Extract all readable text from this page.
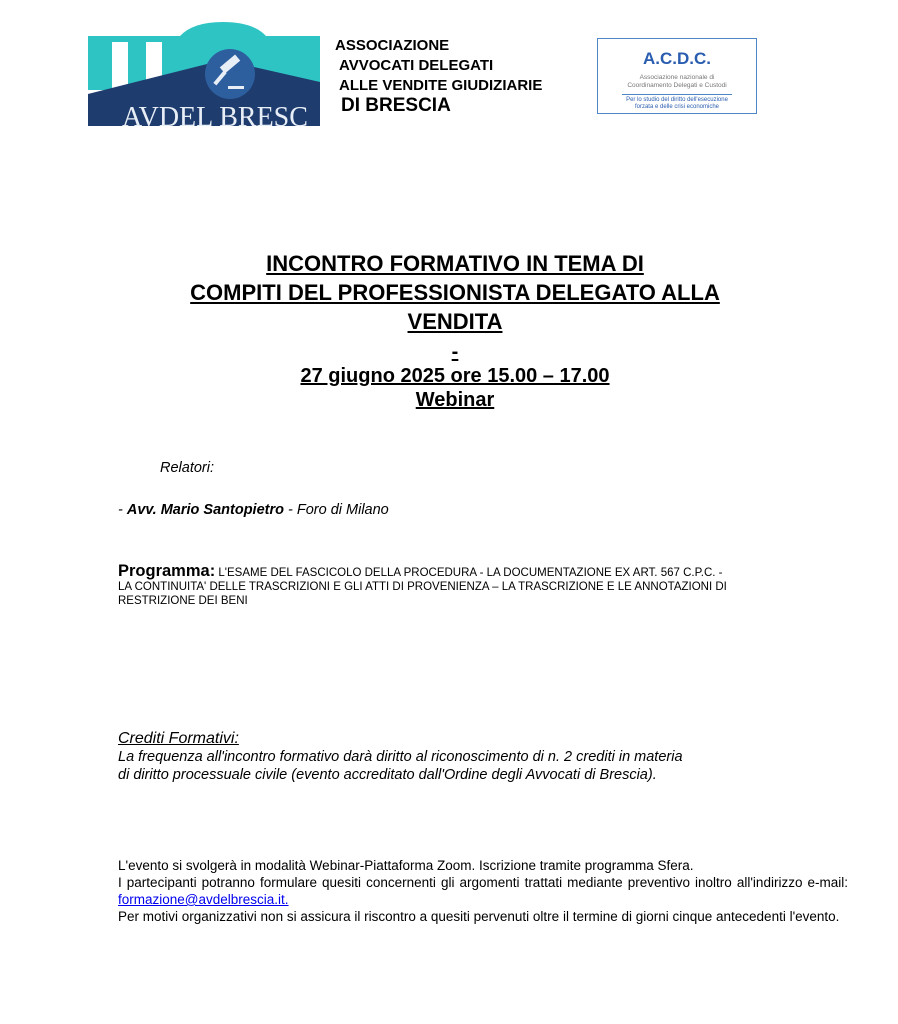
AVDEL BRESC
ASSOCIAZIONE
AVVOCATI DELEGATI
ALLE VENDITE GIUDIZIARIE
DI BRESCIA
A.C.D.C.
Associazione nazionale di
Coordinamento Delegati e Custodi
Per lo studio del diritto dell'esecuzione
forzata e delle crisi economiche
INCONTRO FORMATIVO IN TEMA DI
COMPITI DEL PROFESSIONISTA DELEGATO ALLA
VENDITA
-
27 giugno 2025 ore 15.00 – 17.00
Webinar
Relatori:
- Avv. Mario Santopietro - Foro di Milano
Programma: L'ESAME DEL FASCICOLO DELLA PROCEDURA - LA DOCUMENTAZIONE EX ART. 567 C.P.C. -
LA CONTINUITA' DELLE TRASCRIZIONI E GLI ATTI DI PROVENIENZA – LA TRASCRIZIONE E LE ANNOTAZIONI DI
RESTRIZIONE DEI BENI
Crediti Formativi:
La frequenza all'incontro formativo darà diritto al riconoscimento di n. 2 crediti in materia
di diritto processuale civile (evento accreditato dall'Ordine degli Avvocati di Brescia).
L'evento si svolgerà in modalità Webinar-Piattaforma Zoom. Iscrizione tramite programma Sfera.
I partecipanti potranno formulare quesiti concernenti gli argomenti trattati mediante preventivo inoltro all'indirizzo e-mail: formazione@avdelbrescia.it.
Per motivi organizzativi non si assicura il riscontro a quesiti pervenuti oltre il termine di giorni cinque antecedenti l'evento.
